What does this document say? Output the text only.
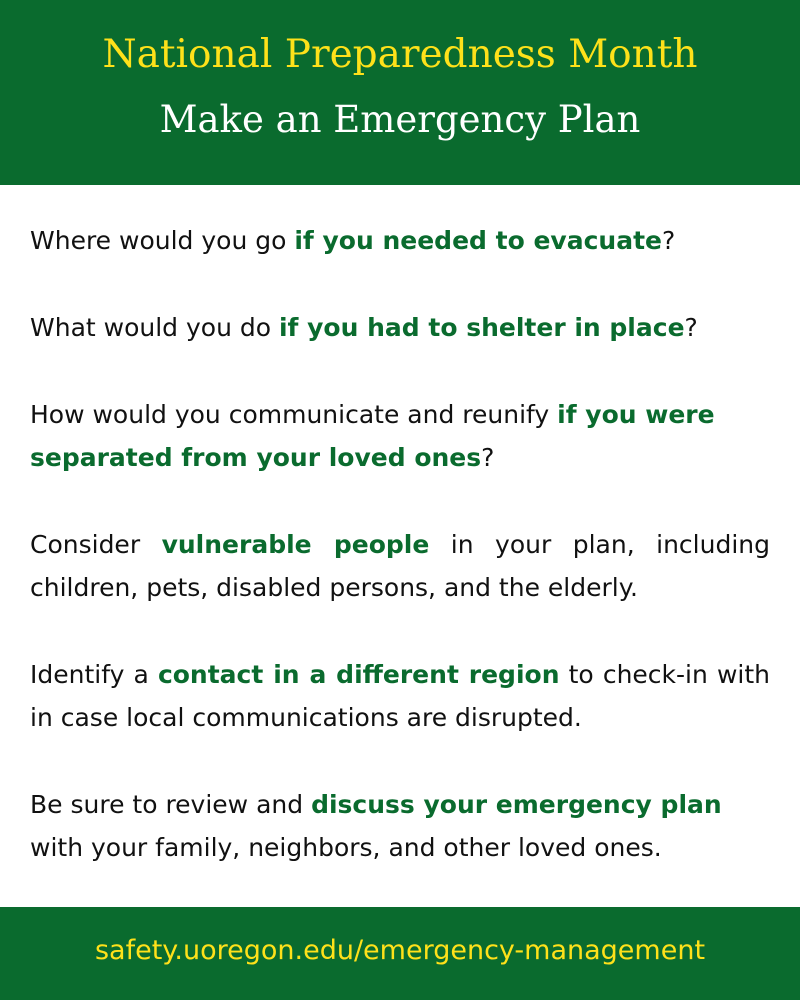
National Preparedness Month
Make an Emergency Plan

Where would you go if you needed to evacuate?

What would you do if you had to shelter in place?

How would you communicate and reunify if you were separated from your loved ones?

Consider vulnerable people in your plan, including children, pets, disabled persons, and the elderly.

Identify a contact in a different region to check-in with in case local communications are disrupted.

Be sure to review and discuss your emergency plan with your family, neighbors, and other loved ones.

safety.uoregon.edu/emergency-management
